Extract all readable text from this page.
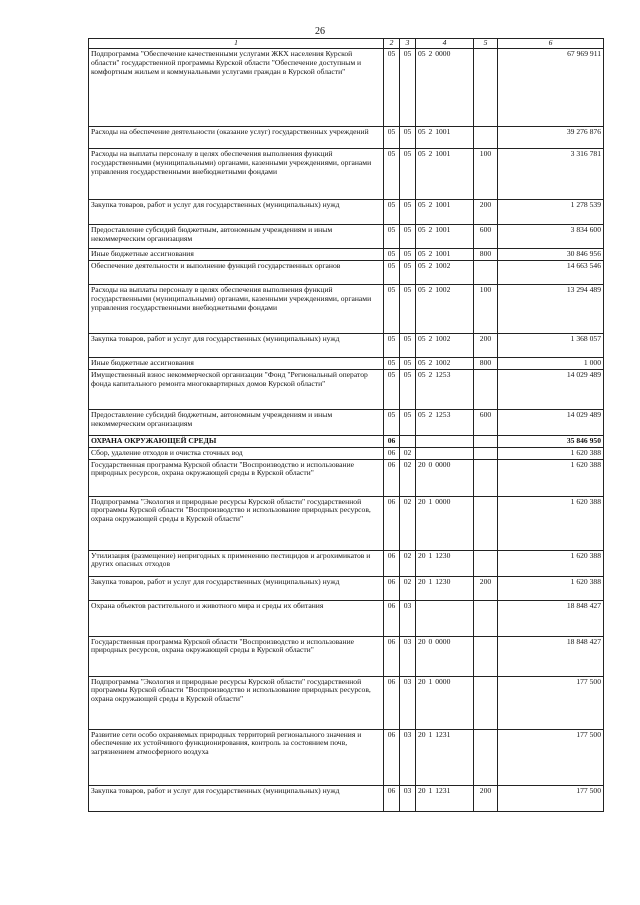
26
1	2	3	4	5	6
Подпрограмма "Обеспечение качественными услугами ЖКХ населения Курской области" государственной программы Курской области "Обеспечение доступным и комфортным жильем и коммунальными услугами граждан в Курской области"	05	05	05 2 0000		67 969 911
Расходы на обеспечение деятельности (оказание услуг) государственных учреждений	05	05	05 2 1001		39 276 876
Расходы на выплаты персоналу в целях обеспечения выполнения функций государственными (муниципальными) органами, казенными учреждениями, органами управления государственными внебюджетными фондами	05	05	05 2 1001	100	3 316 781
Закупка товаров, работ и услуг для государственных (муниципальных) нужд	05	05	05 2 1001	200	1 278 539
Предоставление субсидий бюджетным, автономным учреждениям и иным некоммерческим организациям	05	05	05 2 1001	600	3 834 600
Иные бюджетные ассигнования	05	05	05 2 1001	800	30 846 956
Обеспечение деятельности и выполнение функций государственных органов	05	05	05 2 1002		14 663 546
Расходы на выплаты персоналу в целях обеспечения выполнения функций государственными (муниципальными) органами, казенными учреждениями, органами управления государственными внебюджетными фондами	05	05	05 2 1002	100	13 294 489
Закупка товаров, работ и услуг для государственных (муниципальных) нужд	05	05	05 2 1002	200	1 368 057
Иные бюджетные ассигнования	05	05	05 2 1002	800	1 000
Имущественный взнос некоммерческой организации "Фонд "Региональный оператор фонда капитального ремонта многоквартирных домов Курской области"	05	05	05 2 1253		14 029 489
Предоставление субсидий бюджетным, автономным учреждениям и иным некоммерческим организациям	05	05	05 2 1253	600	14 029 489
ОХРАНА ОКРУЖАЮЩЕЙ СРЕДЫ	06				35 846 950
Сбор, удаление отходов и очистка сточных вод	06	02			1 620 388
Государственная программа Курской области "Воспроизводство и использование природных ресурсов, охрана окружающей среды в Курской области"	06	02	20 0 0000		1 620 388
Подпрограмма "Экология и природные ресурсы Курской области" государственной программы Курской области "Воспроизводство и использование природных ресурсов, охрана окружающей среды в Курской области"	06	02	20 1 0000		1 620 388
Утилизация (размещение) непригодных к применению пестицидов и агрохимикатов и других опасных отходов	06	02	20 1 1230		1 620 388
Закупка товаров, работ и услуг для государственных (муниципальных) нужд	06	02	20 1 1230	200	1 620 388
Охрана объектов растительного и животного мира и среды их обитания	06	03			18 848 427
Государственная программа Курской области "Воспроизводство и использование природных ресурсов, охрана окружающей среды в Курской области"	06	03	20 0 0000		18 848 427
Подпрограмма "Экология и природные ресурсы Курской области" государственной программы Курской области "Воспроизводство и использование природных ресурсов, охрана окружающей среды в Курской области"	06	03	20 1 0000		177 500
Развитие сети особо охраняемых природных территорий регионального значения и обеспечение их устойчивого функционирования, контроль за состоянием почв, загрязнением атмосферного воздуха	06	03	20 1 1231		177 500
Закупка товаров, работ и услуг для государственных (муниципальных) нужд	06	03	20 1 1231	200	177 500
